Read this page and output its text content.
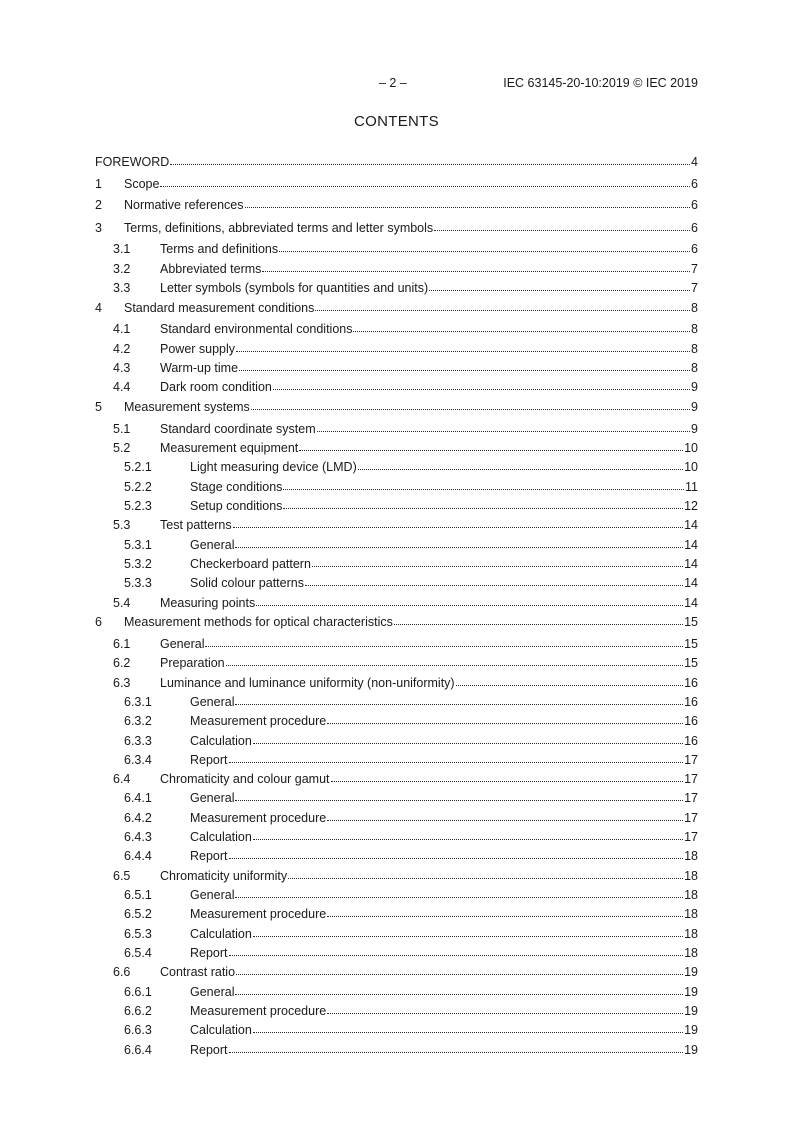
– 2 –	IEC 63145-20-10:2019 © IEC 2019
CONTENTS
FOREWORD	4
1	Scope	6
2	Normative references	6
3	Terms, definitions, abbreviated terms and letter symbols	6
3.1	Terms and definitions	6
3.2	Abbreviated terms	7
3.3	Letter symbols (symbols for quantities and units)	7
4	Standard measurement conditions	8
4.1	Standard environmental conditions	8
4.2	Power supply	8
4.3	Warm-up time	8
4.4	Dark room condition	9
5	Measurement systems	9
5.1	Standard coordinate system	9
5.2	Measurement equipment	10
5.2.1	Light measuring device (LMD)	10
5.2.2	Stage conditions	11
5.2.3	Setup conditions	12
5.3	Test patterns	14
5.3.1	General	14
5.3.2	Checkerboard pattern	14
5.3.3	Solid colour patterns	14
5.4	Measuring points	14
6	Measurement methods for optical characteristics	15
6.1	General	15
6.2	Preparation	15
6.3	Luminance and luminance uniformity (non-uniformity)	16
6.3.1	General	16
6.3.2	Measurement procedure	16
6.3.3	Calculation	16
6.3.4	Report	17
6.4	Chromaticity and colour gamut	17
6.4.1	General	17
6.4.2	Measurement procedure	17
6.4.3	Calculation	17
6.4.4	Report	18
6.5	Chromaticity uniformity	18
6.5.1	General	18
6.5.2	Measurement procedure	18
6.5.3	Calculation	18
6.5.4	Report	18
6.6	Contrast ratio	19
6.6.1	General	19
6.6.2	Measurement procedure	19
6.6.3	Calculation	19
6.6.4	Report	19
